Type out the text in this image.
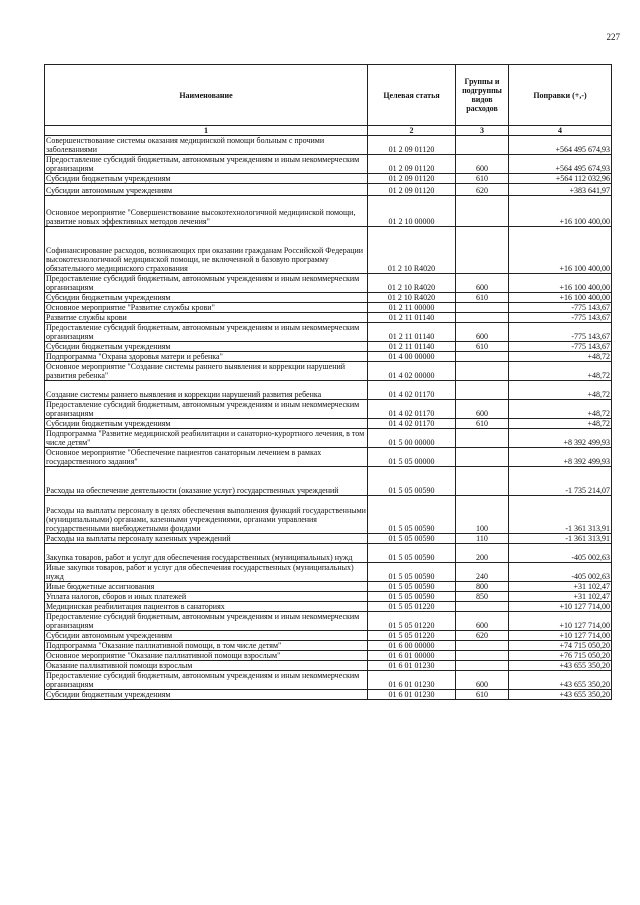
227
Наименование	Целевая статья	Группы и подгруппы видов расходов	Поправки (+,-)
1	2	3	4
Совершенствование системы оказания медицинской помощи больным с прочими заболеваниями	01 2 09 01120		+564 495 674,93
Предоставление субсидий бюджетным, автономным учреждениям и иным некоммерческим организациям	01 2 09 01120	600	+564 495 674,93
Субсидии бюджетным учреждениям	01 2 09 01120	610	+564 112 032,96
Субсидии автономным учреждениям	01 2 09 01120	620	+383 641,97
Основное мероприятие "Совершенствование высокотехнологичной медицинской помощи, развитие новых эффективных методов лечения"	01 2 10 00000		+16 100 400,00
Софинансирование расходов, возникающих при оказании гражданам Российской Федерации высокотехнологичной медицинской помощи, не включенной в базовую программу обязательного медицинского страхования	01 2 10 R4020		+16 100 400,00
Предоставление субсидий бюджетным, автономным учреждениям и иным некоммерческим организациям	01 2 10 R4020	600	+16 100 400,00
Субсидии бюджетным учреждениям	01 2 10 R4020	610	+16 100 400,00
Основное мероприятие "Развитие службы крови"	01 2 11 00000		-775 143,67
Развитие службы крови	01 2 11 01140		-775 143,67
Предоставление субсидий бюджетным, автономным учреждениям и иным некоммерческим организациям	01 2 11 01140	600	-775 143,67
Субсидии бюджетным учреждениям	01 2 11 01140	610	-775 143,67
Подпрограмма "Охрана здоровья матери и ребенка"	01 4 00 00000		+48,72
Основное мероприятие "Создание системы раннего выявления и коррекции нарушений развития ребенка"	01 4 02 00000		+48,72
Создание системы раннего выявления и коррекции нарушений развития ребенка	01 4 02 01170		+48,72
Предоставление субсидий бюджетным, автономным учреждениям и иным некоммерческим организациям	01 4 02 01170	600	+48,72
Субсидии бюджетным учреждениям	01 4 02 01170	610	+48,72
Подпрограмма "Развитие медицинской реабилитации и санаторно-курортного лечения, в том числе детям"	01 5 00 00000		+8 392 499,93
Основное мероприятие "Обеспечение пациентов санаторным лечением в рамках государственного задания"	01 5 05 00000		+8 392 499,93
Расходы на обеспечение деятельности (оказание услуг) государственных учреждений	01 5 05 00590		-1 735 214,07
Расходы на выплаты персоналу в целях обеспечения выполнения функций государственными (муниципальными) органами, казенными учреждениями, органами управления государственными внебюджетными фондами	01 5 05 00590	100	-1 361 313,91
Расходы на выплаты персоналу казенных учреждений	01 5 05 00590	110	-1 361 313,91
Закупка товаров, работ и услуг для обеспечения государственных (муниципальных) нужд	01 5 05 00590	200	-405 002,63
Иные закупки товаров, работ и услуг для обеспечения государственных (муниципальных) нужд	01 5 05 00590	240	-405 002,63
Иные бюджетные ассигнования	01 5 05 00590	800	+31 102,47
Уплата налогов, сборов и иных платежей	01 5 05 00590	850	+31 102,47
Медицинская реабилитация пациентов в санаториях	01 5 05 01220		+10 127 714,00
Предоставление субсидий бюджетным, автономным учреждениям и иным некоммерческим организациям	01 5 05 01220	600	+10 127 714,00
Субсидии автономным учреждениям	01 5 05 01220	620	+10 127 714,00
Подпрограмма "Оказание паллиативной помощи, в том числе детям"	01 6 00 00000		+74 715 050,20
Основное мероприятие "Оказание паллиативной помощи взрослым"	01 6 01 00000		+76 715 050,20
Оказание паллиативной помощи взрослым	01 6 01 01230		+43 655 350,20
Предоставление субсидий бюджетным, автономным учреждениям и иным некоммерческим организациям	01 6 01 01230	600	+43 655 350,20
Субсидии бюджетным учреждениям	01 6 01 01230	610	+43 655 350,20
